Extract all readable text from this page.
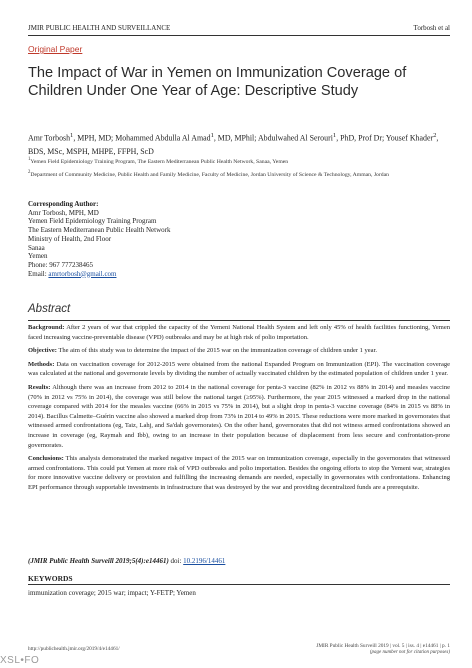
JMIR PUBLIC HEALTH AND SURVEILLANCE	Torbosh et al
Original Paper
The Impact of War in Yemen on Immunization Coverage of Children Under One Year of Age: Descriptive Study
Amr Torbosh$^1$, MPH, MD; Mohammed Abdulla Al Amad$^1$, MD, MPhil; Abdulwahed Al Serouri$^1$, PhD, Prof Dr; Yousef Khader$^2$, BDS, MSc, MSPH, MHPE, FFPH, ScD
$^1$Yemen Field Epidemiology Training Program, The Eastern Mediterranean Public Health Network, Sanaa, Yemen
$^2$Department of Community Medicine, Public Health and Family Medicine, Faculty of Medicine, Jordan University of Science & Technology, Amman, Jordan
Corresponding Author:
Amr Torbosh, MPH, MD
Yemen Field Epidemiology Training Program
The Eastern Mediterranean Public Health Network
Ministry of Health, 2nd Floor
Sanaa
Yemen
Phone: 967 777238465
Email: amrtorbosh@gmail.com
Abstract

Background: After 2 years of war that crippled the capacity of the Yemeni National Health System and left only 45% of health facilities functioning, Yemen faced increasing vaccine-preventable disease (VPD) outbreaks and may be at high risk of polio importation.

Objective: The aim of this study was to determine the impact of the 2015 war on the immunization coverage of children under 1 year.

Methods: Data on vaccination coverage for 2012-2015 were obtained from the national Expanded Program on Immunization (EPI). The vaccination coverage was calculated at the national and governorate levels by dividing the number of actually vaccinated children by the estimated population of children under 1 year.

Results: Although there was an increase from 2012 to 2014 in the national coverage for penta-3 vaccine (82% in 2012 vs 88% in 2014) and measles vaccine (70% in 2012 vs 75% in 2014), the coverage was still below the national target (≥95%). Furthermore, the year 2015 witnessed a marked drop in the national coverage compared with 2014 for the measles vaccine (66% in 2015 vs 75% in 2014), but a slight drop in penta-3 vaccine coverage (84% in 2015 vs 88% in 2014). Bacillus Calmette–Guérin vaccine also showed a marked drop from 73% in 2014 to 49% in 2015. These reductions were more marked in governorates that witnessed armed confrontations (eg, Taiz, Lahj, and Sa'dah governorates). On the other hand, governorates that did not witness armed confrontations showed an increase in coverage (eg, Raymah and Ibb), owing to an increase in their population because of displacement from less secure and confrontation-prone governorates.

Conclusions: This analysis demonstrated the marked negative impact of the 2015 war on immunization coverage, especially in the governorates that witnessed armed confrontations. This could put Yemen at more risk of VPD outbreaks and polio importation. Besides the ongoing efforts to stop the Yemeni war, strategies for more innovative vaccine delivery or provision and fulfilling the increasing demands are needed, especially in governorates with confrontations. Enhancing EPI performance through supportable investments in infrastructure that was destroyed by the war and providing decentralized funds are a prerequisite.

(JMIR Public Health Surveill 2019;5(4):e14461) doi: 10.2196/14461
KEYWORDS
immunization coverage; 2015 war; impact; Y-FETP; Yemen
http://publichealth.jmir.org/2019/4/e14461/	JMIR Public Health Surveill 2019 | vol. 5 | iss. 4 | e14461 | p. 1
(page number not for citation purposes)
XSL•FO
